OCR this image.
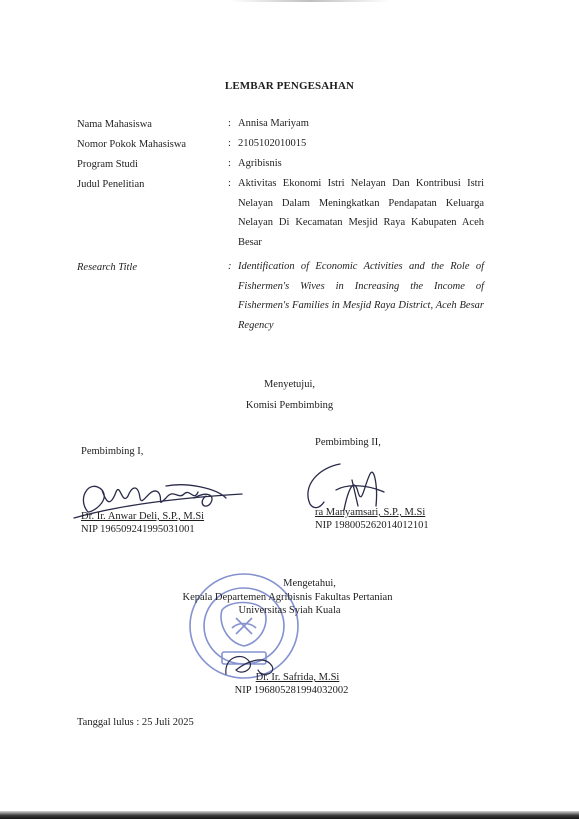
LEMBAR PENGESAHAN
Nama Mahasiswa	: Annisa Mariyam
Nomor Pokok Mahasiswa	: 2105102010015
Program Studi	: Agribisnis
Judul Penelitian	: Aktivitas Ekonomi Istri Nelayan Dan Kontribusi Istri Nelayan Dalam Meningkatkan Pendapatan Keluarga Nelayan Di Kecamatan Mesjid Raya Kabupaten Aceh Besar
Research Title	: Identification of Economic Activities and the Role of Fishermen's Wives in Increasing the Income of Fishermen's Families in Mesjid Raya District, Aceh Besar Regency
Menyetujui,
Komisi Pembimbing
Pembimbing I,
Dr. Ir. Anwar Deli, S.P., M.Si
NIP 196509241995031001
Pembimbing II,
ra Manyamsari, S.P., M.Si
NIP 198005262014012101
Mengetahui,
Kepala Departemen Agribisnis Fakultas Pertanian
Universitas Syiah Kuala
Dr. Ir. Safrida, M.Si
NIP 196805281994032002
Tanggal lulus : 25 Juli 2025
